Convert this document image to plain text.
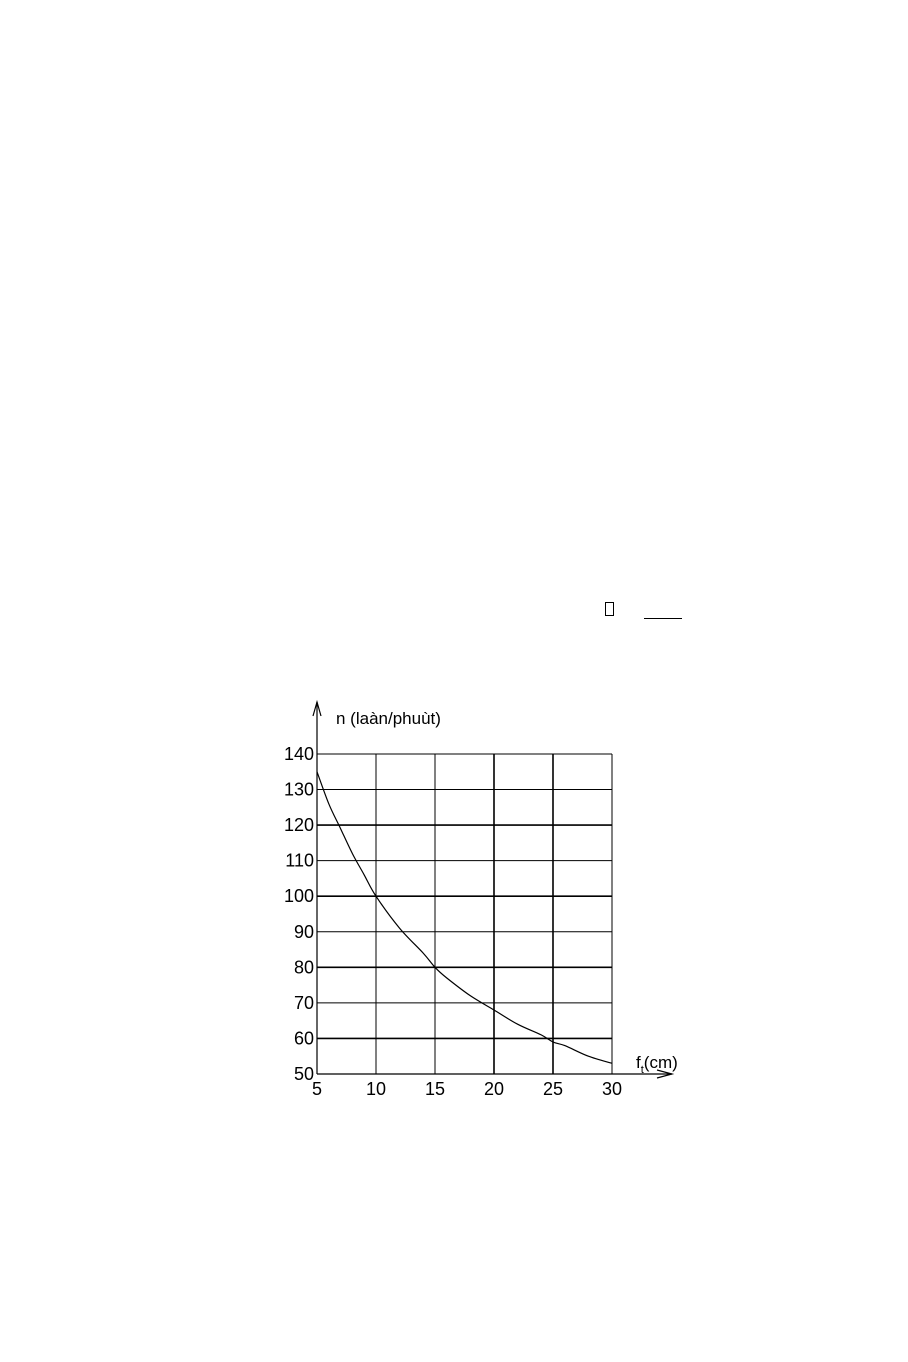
50
60
70
80
90
100
110
120
130
140
5 10 15 20 25 30
n (laàn/phuùt)
$f_t(cm)$
